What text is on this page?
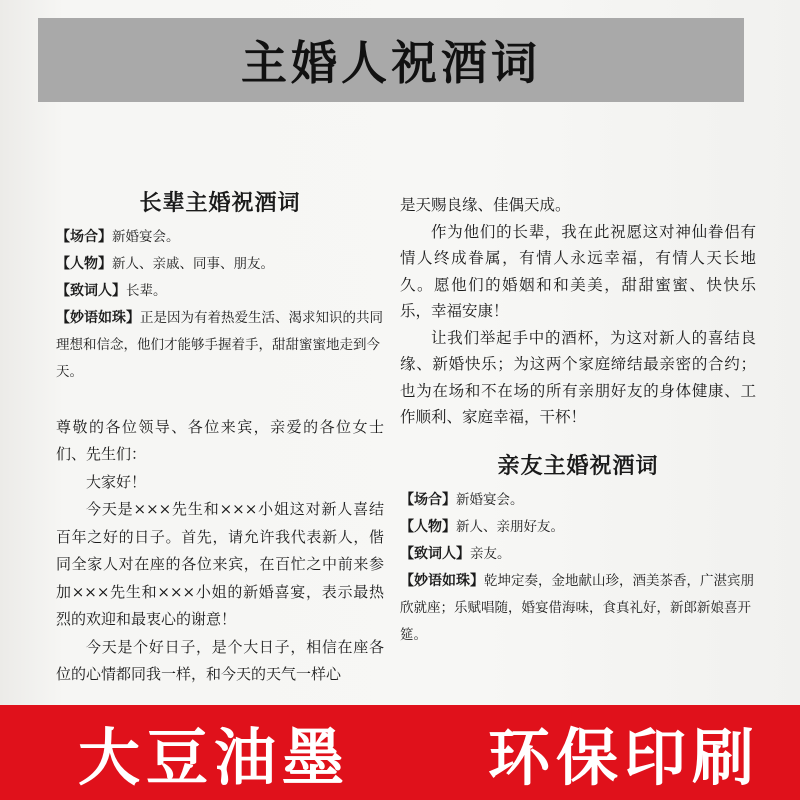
主婚人祝酒词

长辈主婚祝酒词

【场合】新婚宴会。

【人物】新人、亲戚、同事、朋友。

【致词人】长辈。

【妙语如珠】正是因为有着热爱生活、渴求知识的共同理想和信念，他们才能够手握着手，甜甜蜜蜜地走到今天。

尊敬的各位领导、各位来宾，亲爱的各位女士们、先生们：

大家好！

今天是×××先生和×××小姐这对新人喜结百年之好的日子。首先，请允许我代表新人，偕同全家人对在座的各位来宾，在百忙之中前来参加×××先生和×××小姐的新婚喜宴，表示最热烈的欢迎和最衷心的谢意！

今天是个好日子，是个大日子，相信在座各位的心情都同我一样，和今天的天气一样心

是天赐良缘、佳偶天成。

作为他们的长辈，我在此祝愿这对神仙眷侣有情人终成眷属，有情人永远幸福，有情人天长地久。愿他们的婚姻和和美美，甜甜蜜蜜、快快乐乐，幸福安康！

让我们举起手中的酒杯，为这对新人的喜结良缘、新婚快乐；为这两个家庭缔结最亲密的合约；也为在场和不在场的所有亲朋好友的身体健康、工作顺利、家庭幸福，干杯！

亲友主婚祝酒词

【场合】新婚宴会。

【人物】新人、亲朋好友。

【致词人】亲友。

【妙语如珠】乾坤定奏，金地献山珍，酒美茶香，广湛宾朋欣就座；乐赋唱随，婚宴借海味，食真礼好，新郎新娘喜开筵。

大豆油墨 环保印刷
